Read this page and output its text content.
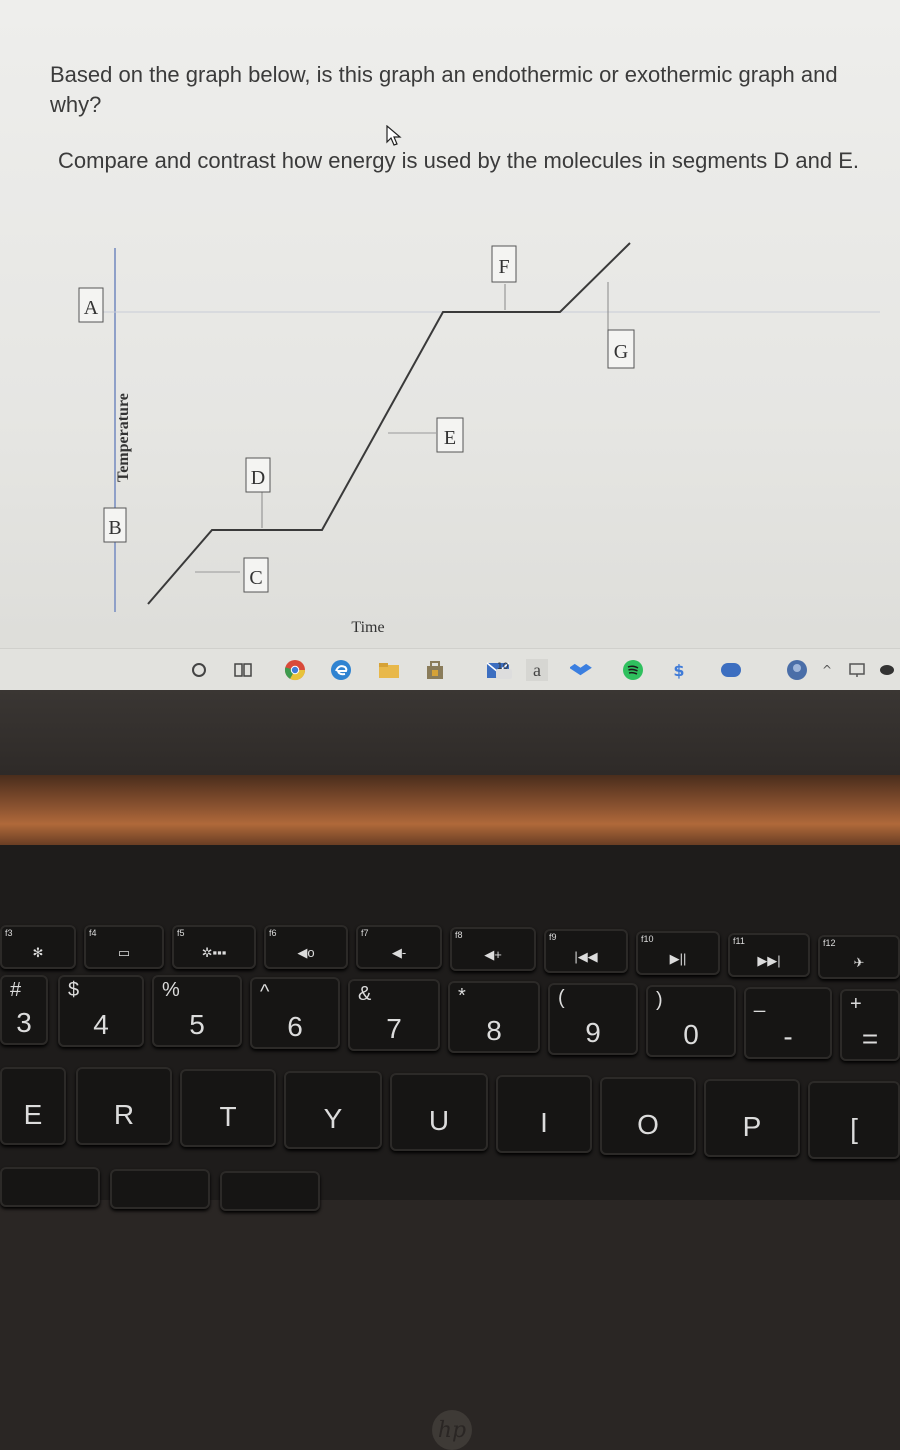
Based on the graph below, is this graph an endothermic or exothermic graph and why?
Compare and contrast how energy is used by the molecules in segments D and E.
A
B
C
D
E
F
G
Temperature
Time
10	a	$	^
hp
f3
✻
f4
▭
f5
✲▪▪▪
f6
◀o
f7
◀-
f8
◀+
f9
|◀◀
f10
▶||
f11
▶▶|
f12
✈
#
3
$
4
%
5
^
6
&
7
*
8
(
9
)
0
_
-
+
=
E	R	T	Y	U	I	O	P	[
